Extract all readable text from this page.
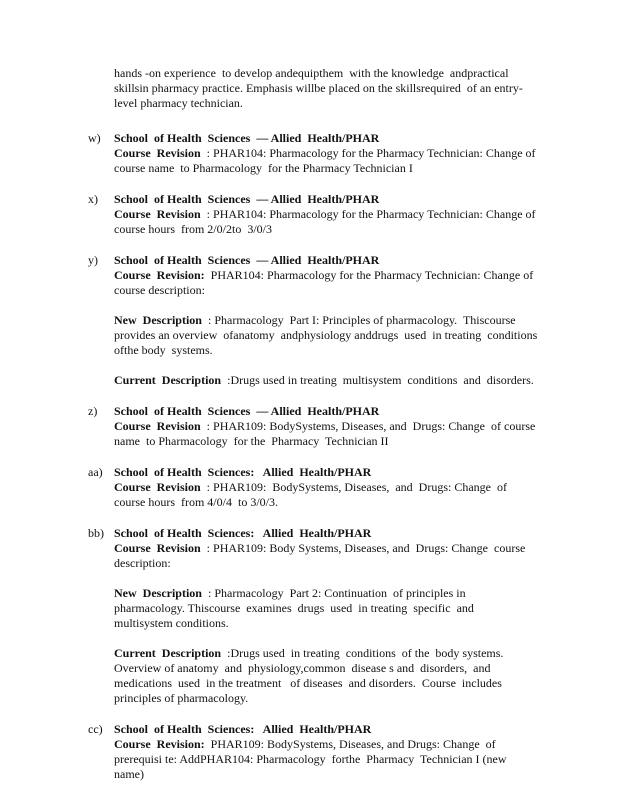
hands -on experience  to develop andequipthem  with the knowledge  andpractical skillsin pharmacy practice. Emphasis willbe placed on the skillsrequired  of an entry-level pharmacy technician.

w)	School  of Health  Sciences  — Allied  Health/PHAR

Course  Revision  : PHAR104: Pharmacology for the Pharmacy Technician: Change of course name  to Pharmacology  for the Pharmacy Technician I

x)	School  of Health  Sciences  — Allied  Health/PHAR

Course  Revision  : PHAR104: Pharmacology for the Pharmacy Technician: Change of course hours  from 2/0/2to  3/0/3

y)	School  of Health  Sciences  — Allied  Health/PHAR

Course  Revision: PHAR104: Pharmacology for the Pharmacy Technician: Change of course description:

New  Description  : Pharmacology  Part I: Principles of pharmacology.  Thiscourse provides an overview  ofanatomy  andphysiology anddrugs  used  in treating  conditions ofthe body  systems.

Current  Description  :Drugs used in treating  multisystem  conditions  and  disorders.

z)	School  of Health  Sciences  — Allied  Health/PHAR

Course  Revision  : PHAR109: BodySystems, Diseases, and  Drugs: Change  of course name  to Pharmacology  for the  Pharmacy  Technician II

aa) School  of Health  Sciences:   Allied  Health/PHAR

Course  Revision  : PHAR109:  BodySystems, Diseases,  and  Drugs: Change  of course hours  from 4/0/4  to 3/0/3.

bb) School  of Health  Sciences:   Allied  Health/PHAR

Course  Revision  : PHAR109: Body Systems, Diseases, and  Drugs: Change  course description:

New  Description  : Pharmacology  Part 2: Continuation  of principles in pharmacology. Thiscourse  examines  drugs  used  in treating  specific  and  multisystem conditions.

Current  Description  :Drugs used  in treating  conditions  of the  body systems. Overview of anatomy  and  physiology,common  disease s and  disorders,  and medications  used  in the treatment   of diseases  and disorders.  Course  includes  principles of pharmacology.

cc) School  of Health  Sciences:   Allied  Health/PHAR

Course  Revision: PHAR109: BodySystems, Diseases, and Drugs: Change  of prerequisi te: AddPHAR104: Pharmacology  forthe  Pharmacy  Technician I (new name)
